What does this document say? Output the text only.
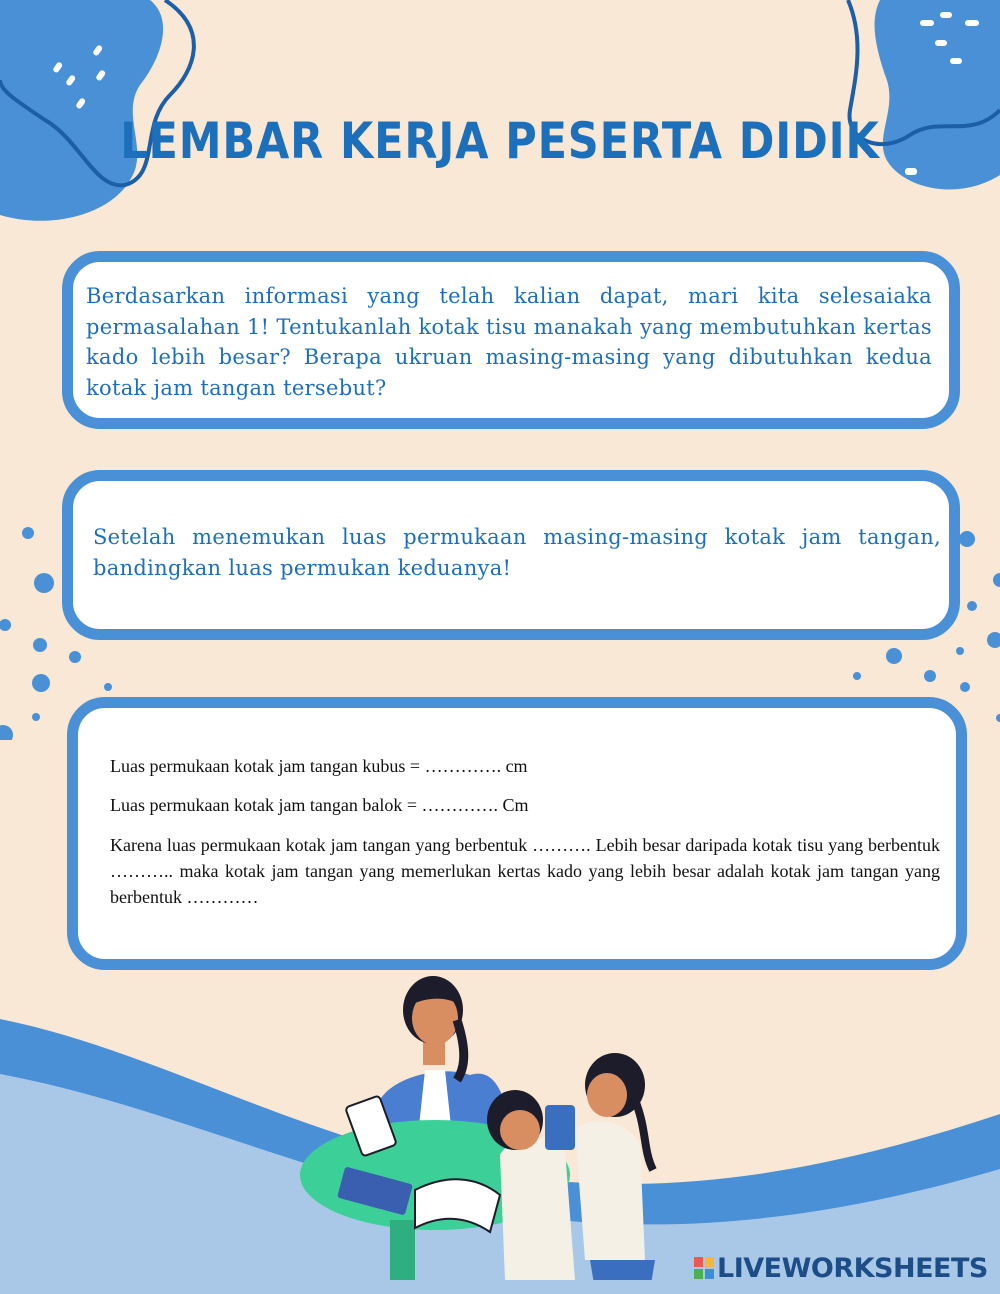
LEMBAR KERJA PESERTA DIDIK
Berdasarkan informasi yang telah kalian dapat, mari kita selesaiaka permasalahan 1! Tentukanlah kotak tisu manakah yang membutuhkan kertas kado lebih besar? Berapa ukruan masing-masing yang dibutuhkan kedua kotak jam tangan tersebut?
Setelah menemukan luas permukaan masing-masing kotak jam tangan, bandingkan luas permukan keduanya!
Luas permukaan kotak jam tangan kubus = …………. cm
Luas permukaan kotak jam tangan balok = …………. Cm
Karena luas permukaan kotak jam tangan yang berbentuk ………. Lebih besar daripada kotak tisu yang berbentuk ……….. maka kotak jam tangan yang memerlukan kertas kado yang lebih besar adalah kotak jam tangan yang berbentuk …………
LIVEWORKSHEETS
